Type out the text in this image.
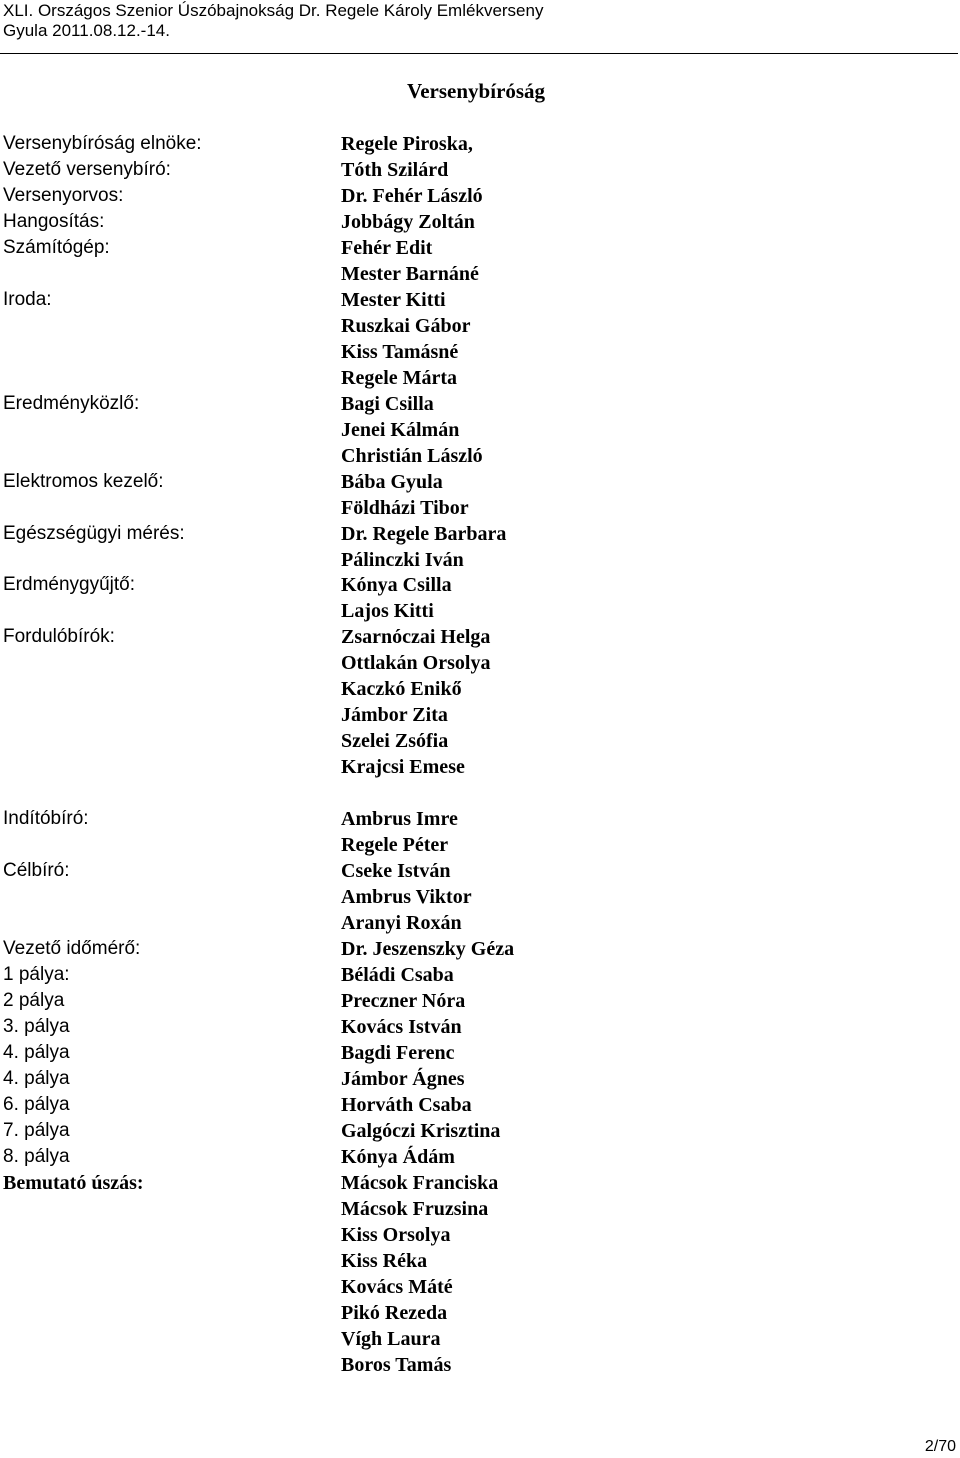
XLI. Országos Szenior Úszóbajnokság Dr. Regele Károly Emlékverseny
Gyula 2011.08.12.-14.
Versenybíróság
Versenybíróság elnöke:	Regele Piroska,
Vezető versenybíró:	Tóth Szilárd
Versenyorvos:	Dr. Fehér László
Hangosítás:	Jobbágy Zoltán
Számítógép:	Fehér Edit
Mester Barnáné
Iroda:	Mester Kitti
Ruszkai Gábor
Kiss Tamásné
Regele Márta
Eredményközlő:	Bagi Csilla
Jenei Kálmán
Christián László
Elektromos kezelő:	Bába Gyula
Földházi Tibor
Egészségügyi mérés:	Dr. Regele Barbara
Pálinczki Iván
Erdménygyűjtő:	Kónya Csilla
Lajos Kitti
Fordulóbírók:	Zsarnóczai Helga
Ottlakán Orsolya
Kaczkó Enikő
Jámbor Zita
Szelei Zsófia
Krajcsi Emese
Indítóbíró:	Ambrus Imre
Regele Péter
Célbíró:	Cseke István
Ambrus Viktor
Aranyi Roxán
Vezető időmérő:	Dr. Jeszenszky Géza
1 pálya:	Béládi Csaba
2 pálya	Preczner Nóra
3. pálya	Kovács István
4. pálya	Bagdi Ferenc
4. pálya	Jámbor Ágnes
6. pálya	Horváth Csaba
7. pálya	Galgóczi Krisztina
8. pálya	Kónya Ádám
Bemutató úszás:	Mácsok Franciska
Mácsok Fruzsina
Kiss Orsolya
Kiss Réka
Kovács Máté
Pikó Rezeda
Vígh Laura
Boros Tamás
2/70
